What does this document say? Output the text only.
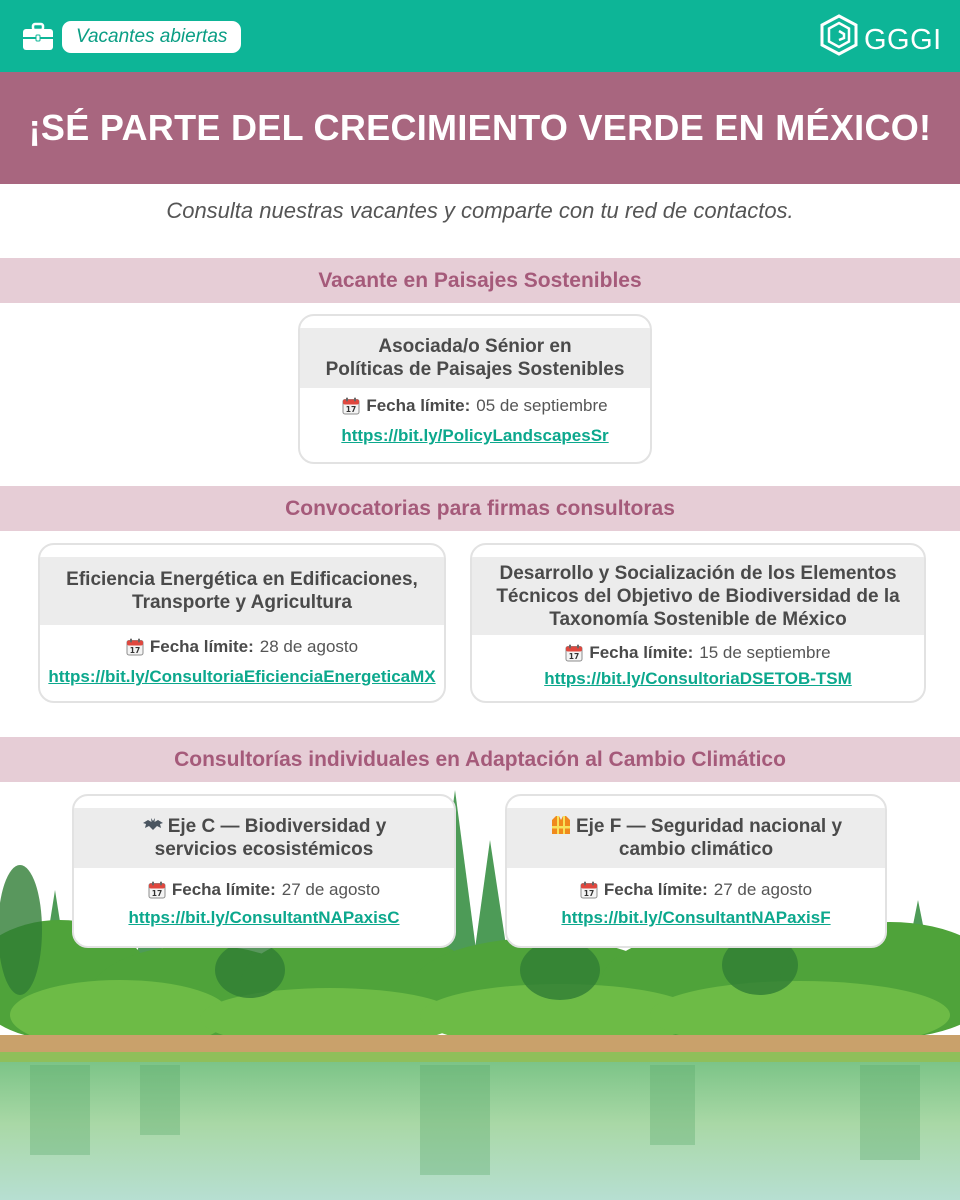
Vacantes abiertas	GGGI
¡SÉ PARTE DEL CRECIMIENTO VERDE EN MÉXICO!
Consulta nuestras vacantes y comparte con tu red de contactos.
Vacante en Paisajes Sostenibles
Asociada/o Sénior en
Políticas de Paisajes Sostenibles
Fecha límite: 05 de septiembre
https://bit.ly/PolicyLandscapesSr
Convocatorias para firmas consultoras
Eficiencia Energética en Edificaciones,
Transporte y Agricultura
Fecha límite: 28 de agosto
https://bit.ly/ConsultoriaEficienciaEnergeticaMX
Desarrollo y Socialización de los Elementos
Técnicos del Objetivo de Biodiversidad de la
Taxonomía Sostenible de México
Fecha límite: 15 de septiembre
https://bit.ly/ConsultoriaDSETOB-TSM
Consultorías individuales en Adaptación al Cambio Climático
Eje C — Biodiversidad y
servicios ecosistémicos
Fecha límite: 27 de agosto
https://bit.ly/ConsultantNAPaxisC
Eje F — Seguridad nacional y
cambio climático
Fecha límite: 27 de agosto
https://bit.ly/ConsultantNAPaxisF
